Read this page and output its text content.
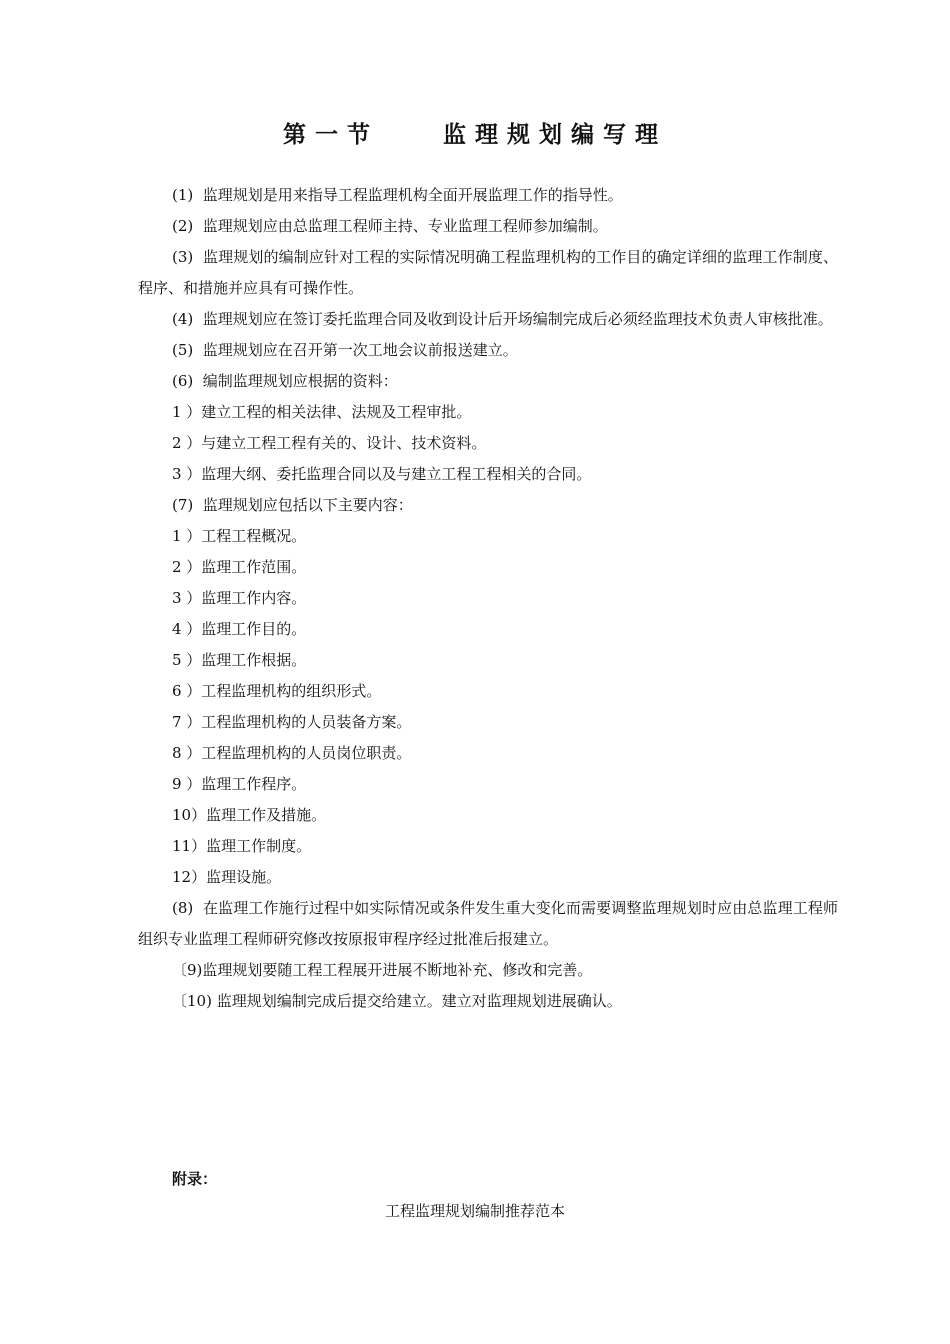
第一节　　监理规划编写理

(1)  监理规划是用来指导工程监理机构全面开展监理工作的指导性。

(2)  监理规划应由总监理工程师主持、专业监理工程师参加编制。

(3)  监理规划的编制应针对工程的实际情况明确工程监理机构的工作目的确定详细的监理工作制度、程序、和措施并应具有可操作性。

(4)  监理规划应在签订委托监理合同及收到设计后开场编制完成后必须经监理技术负责人审核批准。

(5)  监理规划应在召开第一次工地会议前报送建立。

(6)  编制监理规划应根据的资料：

1 ）建立工程的相关法律、法规及工程审批。

2 ）与建立工程工程有关的、设计、技术资料。

3 ）监理大纲、委托监理合同以及与建立工程工程相关的合同。

(7)  监理规划应包括以下主要内容：

1 ）工程工程概况。

2 ）监理工作范围。

3 ）监理工作内容。

4 ）监理工作目的。

5 ）监理工作根据。

6 ）工程监理机构的组织形式。

7 ）工程监理机构的人员装备方案。

8 ）工程监理机构的人员岗位职责。

9 ）监理工作程序。

10）监理工作及措施。

11）监理工作制度。

12）监理设施。

(8)  在监理工作施行过程中如实际情况或条件发生重大变化而需要调整监理规划时应由总监理工程师组织专业监理工程师研究修改按原报审程序经过批准后报建立。

〔9)监理规划要随工程工程展开进展不断地补充、修改和完善。

〔10) 监理规划编制完成后提交给建立。建立对监理规划进展确认。

附录：

工程监理规划编制推荐范本
